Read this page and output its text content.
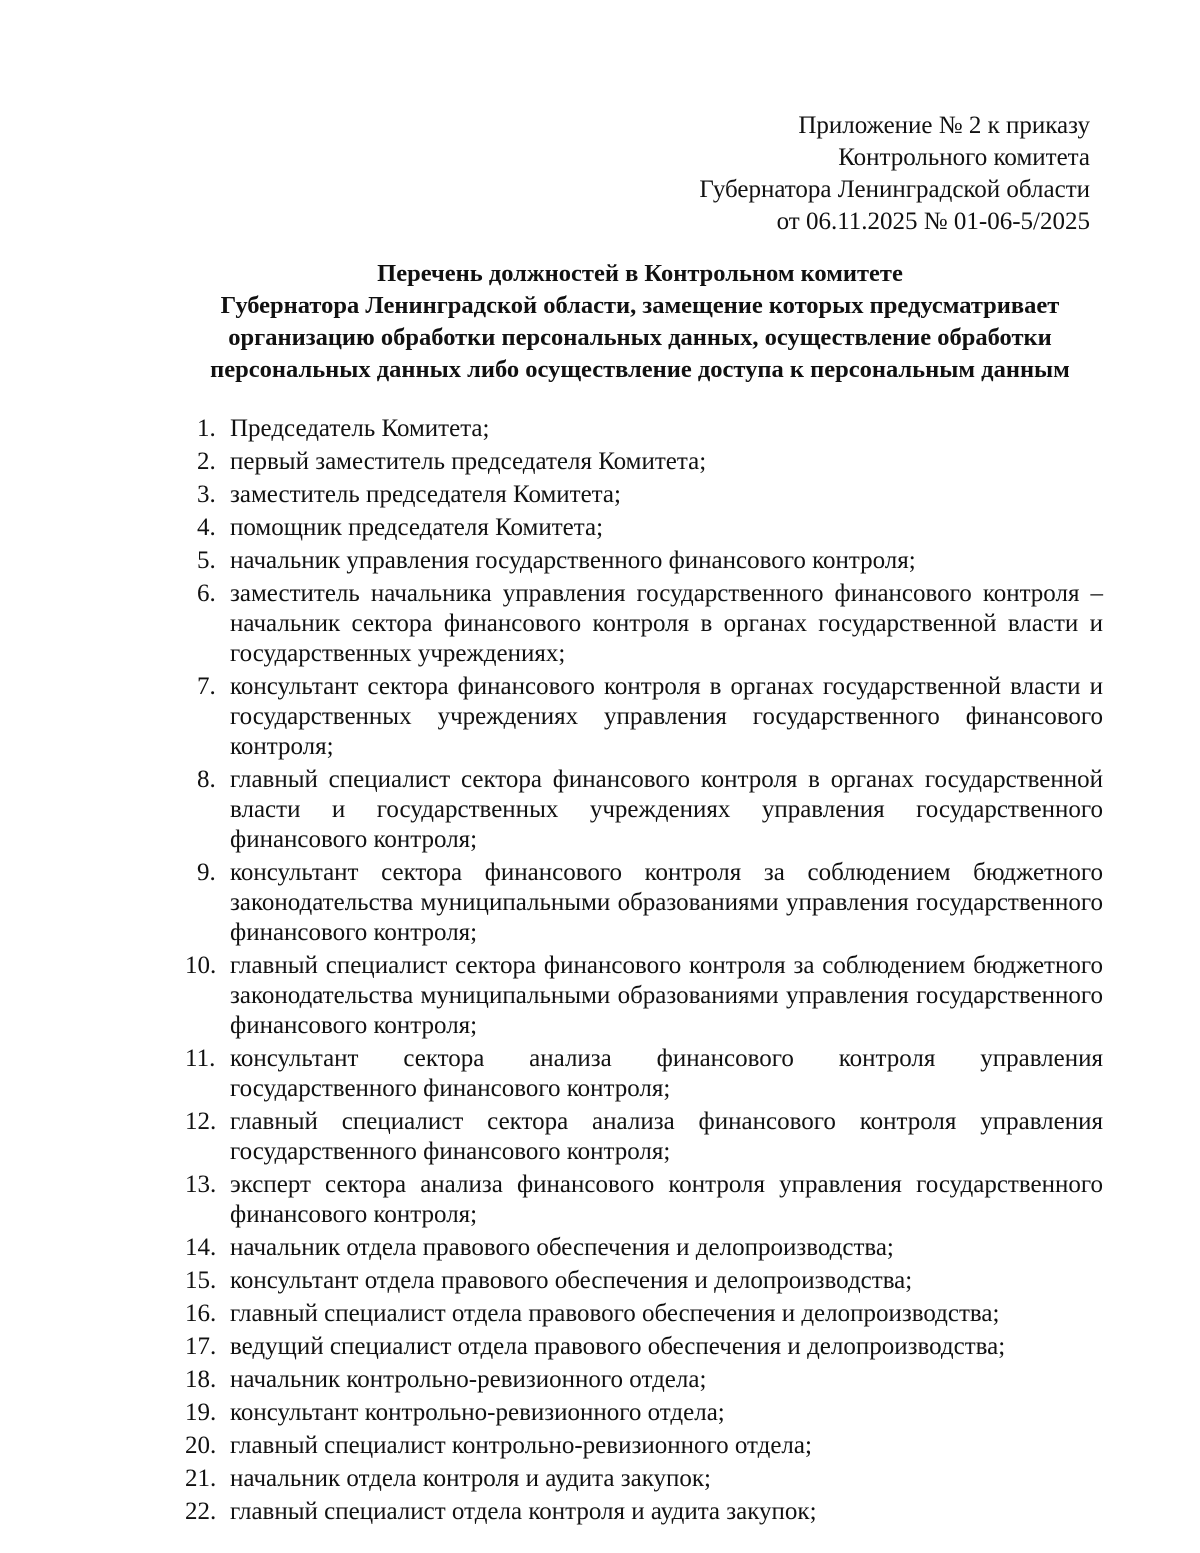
Приложение № 2 к приказу
Контрольного комитета
Губернатора Ленинградской области
от 06.11.2025 № 01-06-5/2025
Перечень должностей в Контрольном комитете
Губернатора Ленинградской области, замещение которых предусматривает
организацию обработки персональных данных, осуществление обработки
персональных данных либо осуществление доступа к персональным данным
1. Председатель Комитета;
2. первый заместитель председателя Комитета;
3. заместитель председателя Комитета;
4. помощник председателя Комитета;
5. начальник управления государственного финансового контроля;
6. заместитель начальника управления государственного финансового контроля – начальник сектора финансового контроля в органах государственной власти и государственных учреждениях;
7. консультант сектора финансового контроля в органах государственной власти и государственных учреждениях управления государственного финансового контроля;
8. главный специалист сектора финансового контроля в органах государственной власти и государственных учреждениях управления государственного финансового контроля;
9. консультант сектора финансового контроля за соблюдением бюджетного законодательства муниципальными образованиями управления государственного финансового контроля;
10. главный специалист сектора финансового контроля за соблюдением бюджетного законодательства муниципальными образованиями управления государственного финансового контроля;
11. консультант сектора анализа финансового контроля управления государственного финансового контроля;
12. главный специалист сектора анализа финансового контроля управления государственного финансового контроля;
13. эксперт сектора анализа финансового контроля управления государственного финансового контроля;
14. начальник отдела правового обеспечения и делопроизводства;
15. консультант отдела правового обеспечения и делопроизводства;
16. главный специалист отдела правового обеспечения и делопроизводства;
17. ведущий специалист отдела правового обеспечения и делопроизводства;
18. начальник контрольно-ревизионного отдела;
19. консультант контрольно-ревизионного отдела;
20. главный специалист контрольно-ревизионного отдела;
21. начальник отдела контроля и аудита закупок;
22. главный специалист отдела контроля и аудита закупок;
